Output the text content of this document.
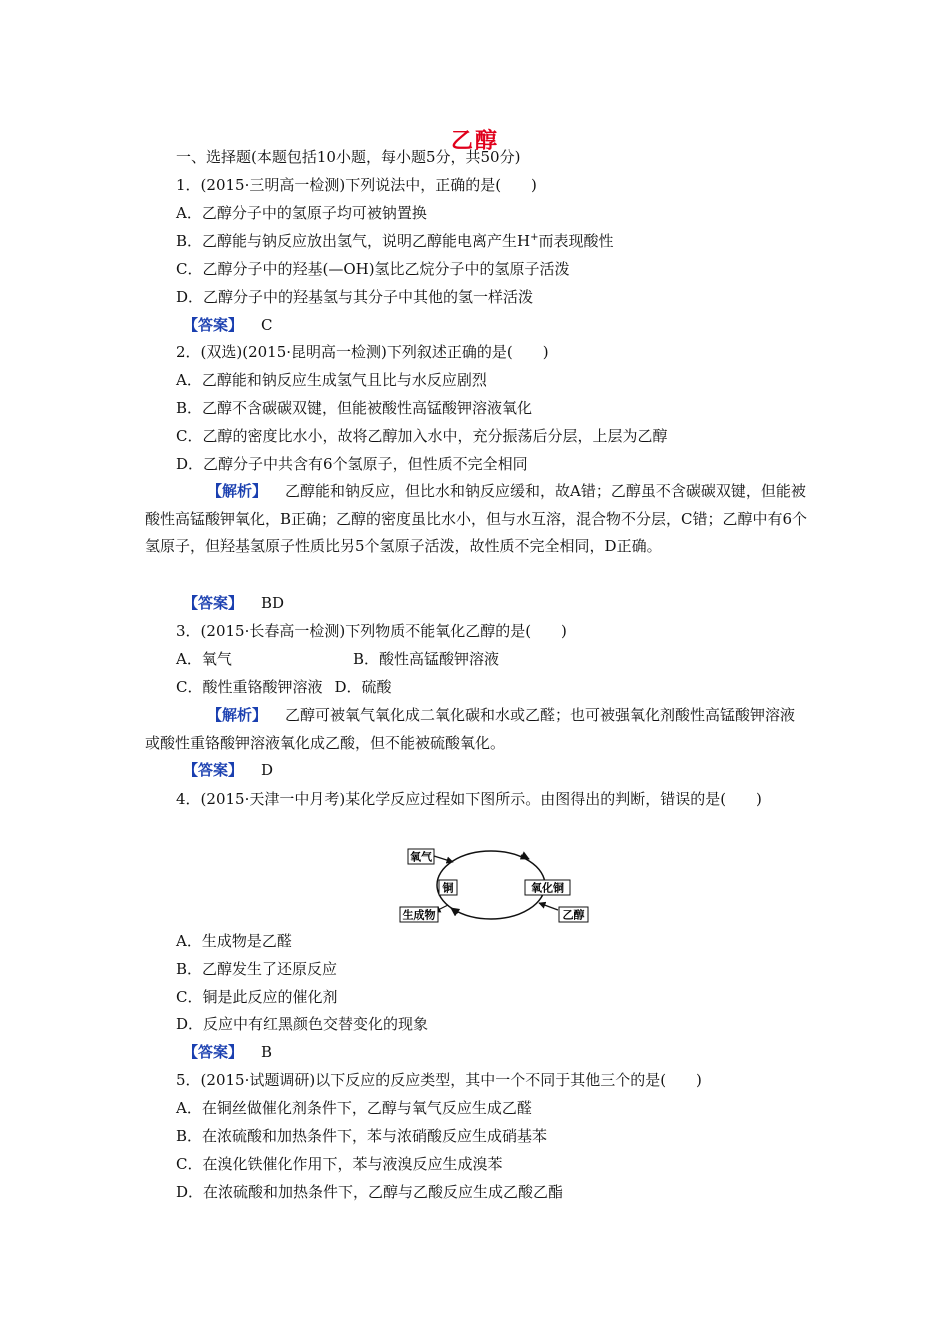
乙醇
一、选择题(本题包括10小题，每小题5分，共50分)
1．(2015·三明高一检测)下列说法中，正确的是(　　)
A．乙醇分子中的氢原子均可被钠置换
B．乙醇能与钠反应放出氢气，说明乙醇能电离产生H+而表现酸性
C．乙醇分子中的羟基(—OH)氢比乙烷分子中的氢原子活泼
D．乙醇分子中的羟基氢与其分子中其他的氢一样活泼
【答案】 C
2．(双选)(2015·昆明高一检测)下列叙述正确的是(　　)
A．乙醇能和钠反应生成氢气且比与水反应剧烈
B．乙醇不含碳碳双键，但能被酸性高锰酸钾溶液氧化
C．乙醇的密度比水小，故将乙醇加入水中，充分振荡后分层，上层为乙醇
D．乙醇分子中共含有6个氢原子，但性质不完全相同
【解析】 乙醇能和钠反应，但比水和钠反应缓和，故A错；乙醇虽不含碳碳双键，但能被酸性高锰酸钾氧化，B正确；乙醇的密度虽比水小，但与水互溶，混合物不分层，C错；乙醇中有6个氢原子，但羟基氢原子性质比另5个氢原子活泼，故性质不完全相同，D正确。
【答案】 BD
3．(2015·长春高一检测)下列物质不能氧化乙醇的是(　　)
A．氧气	B．酸性高锰酸钾溶液
C．酸性重铬酸钾溶液 D．硫酸
【解析】 乙醇可被氧气氧化成二氧化碳和水或乙醛；也可被强氧化剂酸性高锰酸钾溶液或酸性重铬酸钾溶液氧化成乙酸，但不能被硫酸氧化。
【答案】 D
4．(2015·天津一中月考)某化学反应过程如下图所示。由图得出的判断，错误的是(　　)
氧气
铜	氧化铜
生成物	乙醇
A．生成物是乙醛
B．乙醇发生了还原反应
C．铜是此反应的催化剂
D．反应中有红黑颜色交替变化的现象
【答案】 B
5．(2015·试题调研)以下反应的反应类型，其中一个不同于其他三个的是(　　)
A．在铜丝做催化剂条件下，乙醇与氧气反应生成乙醛
B．在浓硫酸和加热条件下，苯与浓硝酸反应生成硝基苯
C．在溴化铁催化作用下，苯与液溴反应生成溴苯
D．在浓硫酸和加热条件下，乙醇与乙酸反应生成乙酸乙酯
